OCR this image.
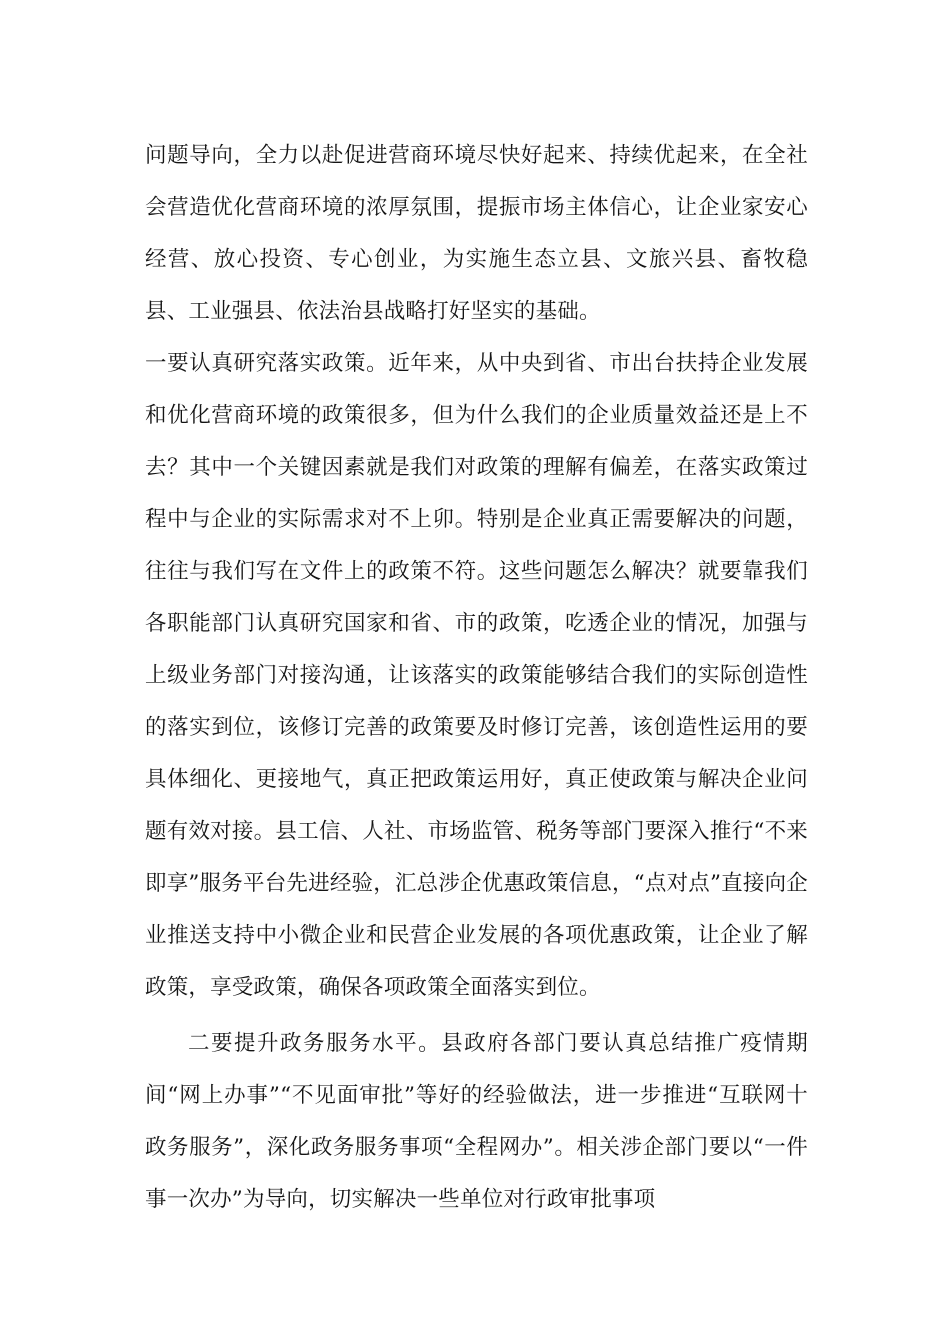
问题导向，全力以赴促进营商环境尽快好起来、持续优起来，在全社会营造优化营商环境的浓厚氛围，提振市场主体信心，让企业家安心经营、放心投资、专心创业，为实施生态立县、文旅兴县、畜牧稳县、工业强县、依法治县战略打好坚实的基础。

一要认真研究落实政策。近年来，从中央到省、市出台扶持企业发展和优化营商环境的政策很多，但为什么我们的企业质量效益还是上不去？其中一个关键因素就是我们对政策的理解有偏差，在落实政策过程中与企业的实际需求对不上卯。特别是企业真正需要解决的问题，往往与我们写在文件上的政策不符。这些问题怎么解决？就要靠我们各职能部门认真研究国家和省、市的政策，吃透企业的情况，加强与上级业务部门对接沟通，让该落实的政策能够结合我们的实际创造性的落实到位，该修订完善的政策要及时修订完善，该创造性运用的要具体细化、更接地气，真正把政策运用好，真正使政策与解决企业问题有效对接。县工信、人社、市场监管、税务等部门要深入推行“不来即享”服务平台先进经验，汇总涉企优惠政策信息，“点对点”直接向企业推送支持中小微企业和民营企业发展的各项优惠政策，让企业了解政策，享受政策，确保各项政策全面落实到位。

二要提升政务服务水平。县政府各部门要认真总结推广疫情期间“网上办事”“不见面审批”等好的经验做法，进一步推进“互联网十政务服务”，深化政务服务事项“全程网办”。相关涉企部门要以“一件事一次办”为导向，切实解决一些单位对行政审批事项
